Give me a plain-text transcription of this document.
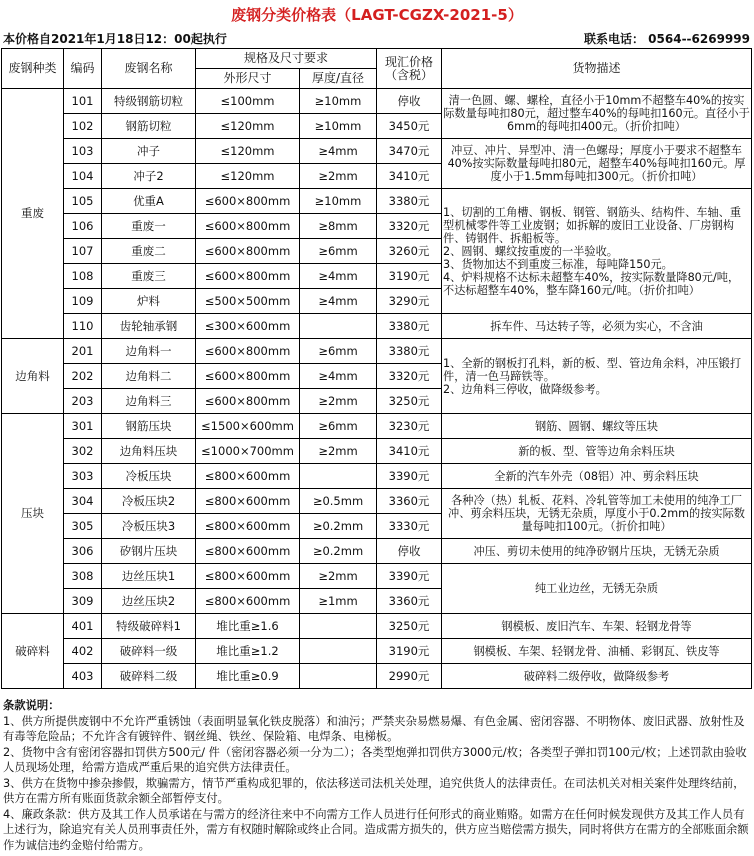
废钢分类价格表（LAGT-CGZX-2021-5）
本价格自2021年1月18日12：00起执行	联系电话： 0564--6269999
废钢种类	编码	废钢名称	规格及尺寸要求		现汇价格（含税）	货物描述
			外形尺寸	厚度/直径		
重废	101	特级钢筋切粒	≤100mm	≥10mm	停收	清一色圆、螺、螺栓，直径小于10mm不超整车40%的按实际数量每吨扣80元，超过整车40%的每吨扣160元。直径小于6mm的每吨扣400元。（折价扣吨）
	102	钢筋切粒	≤120mm	≥10mm	3450元	
	103	冲子	≤120mm	≥4mm	3470元	冲豆、冲片、异型冲、清一色螺母；厚度小于要求不超整车40%按实际数量每吨扣80元，超整车40%每吨扣160元。厚度小于1.5mm每吨扣300元。（折价扣吨）
	104	冲子2	≤120mm	≥2mm	3410元	
	105	优重A	≤600×800mm	≥10mm	3380元	1、切割的工角槽、钢板、钢管、钢筋头、结构件、车轴、重型机械零件等工业废钢；如拆解的废旧工业设备、厂房钢构件、铸钢件、拆船板等。
2、圆钢、螺纹按重废的一半验收。
3、货物加达不到重废三标准，每吨降150元。
4、炉料规格不达标未超整车40%，按实际数量降80元/吨，不达标超整车40%，整车降160元/吨。（折价扣吨）
	106	重废一	≤600×800mm	≥8mm	3320元	
	107	重废二	≤600×800mm	≥6mm	3260元	
	108	重废三	≤600×800mm	≥4mm	3190元	
	109	炉料	≤500×500mm	≥4mm	3290元	
	110	齿轮轴承钢	≤300×600mm		3380元	拆车件、马达转子等，必须为实心，不含油
边角料	201	边角料一	≤600×800mm	≥6mm	3380元	1、全新的钢板打孔料，新的板、型、管边角余料，冲压锻打件，清一色马蹄铁等。
2、边角料三停收，做降级参考。
	202	边角料二	≤600×800mm	≥4mm	3320元	
	203	边角料三	≤600×800mm	≥2mm	3250元	
压块	301	钢筋压块	≤1500×600mm	≥6mm	3230元	钢筋、圆钢、螺纹等压块
	302	边角料压块	≤1000×700mm	≥2mm	3410元	新的板、型、管等边角余料压块
	303	冷板压块	≤800×600mm		3390元	全新的汽车外壳（08铝）冲、剪余料压块
	304	冷板压块2	≤800×600mm	≥0.5mm	3360元	各种冷（热）轧板、花料、冷轧管等加工未使用的纯净工厂冲、剪余料压块，无锈无杂质，厚度小于0.2mm的按实际数量每吨扣100元。（折价扣吨）
	305	冷板压块3	≤800×600mm	≥0.2mm	3330元	
	306	矽钢片压块	≤800×600mm	≥0.2mm	停收	冲压、剪切未使用的纯净矽钢片压块，无锈无杂质
	308	边丝压块1	≤800×600mm	≥2mm	3390元	纯工业边丝，无锈无杂质
	309	边丝压块2	≤800×600mm	≥1mm	3360元	
破碎料	401	特级破碎料1	堆比重≥1.6		3250元	钢模板、废旧汽车、车架、轻钢龙骨等
	402	破碎料一级	堆比重≥1.2		3190元	钢模板、车架、轻钢龙骨、油桶、彩钢瓦、铁皮等
	403	破碎料二级	堆比重≥0.9		2990元	破碎料二级停收，做降级参考

条款说明：

1、供方所提供废钢中不允许严重锈蚀（表面明显氧化铁皮脱落）和油污；严禁夹杂易燃易爆、有色金属、密闭容器、不明物体、废旧武器、放射性及有毒等危险品；不允许含有镀锌件、钢丝绳、铁丝、保险箱、电焊条、电梯板。

2、货物中含有密闭容器扣罚供方500元/ 件（密闭容器必须一分为二）；各类型炮弹扣罚供方3000元/枚；各类型子弹扣罚100元/枚；上述罚款由验收人员现场处理，给需方造成严重后果的追究供方法律责任。

3、供方在货物中掺杂掺假，欺骗需方，情节严重构成犯罪的，依法移送司法机关处理，追究供货人的法律责任。在司法机关对相关案件处理终结前，供方在需方所有账面货款余额全部暂停支付。

4、廉政条款：供方及其工作人员承诺在与需方的经济往来中不向需方工作人员进行任何形式的商业贿赂。如需方在任何时候发现供方及其工作人员有上述行为，除追究有关人员刑事责任外，需方有权随时解除或终止合同。造成需方损失的，供方应当赔偿需方损失，同时将供方在需方的全部账面余额作为诚信违约金赔付给需方。
